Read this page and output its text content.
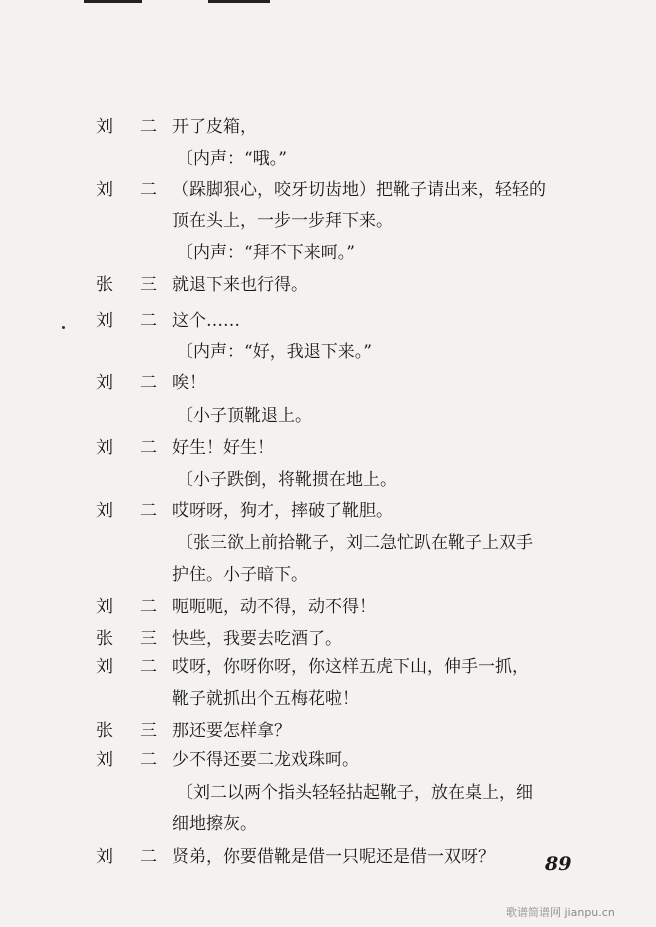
刘 二 开了皮箱，
〔内声：“哦。”
刘 二 （跺脚狠心，咬牙切齿地）把靴子请出来，轻轻的
顶在头上，一步一步拜下来。
〔内声：“拜不下来呵。”
张 三 就退下来也行得。
刘 二 这个……
〔内声：“好，我退下来。”
刘 二 唉！
〔小子顶靴退上。
刘 二 好生！好生！
〔小子跌倒，将靴掼在地上。
刘 二 哎呀呀，狗才，摔破了靴胆。
〔张三欲上前拾靴子，刘二急忙趴在靴子上双手
护住。小子暗下。
刘 二 呃呃呃，动不得，动不得！
张 三 快些，我要去吃酒了。
刘 二 哎呀，你呀你呀，你这样五虎下山，伸手一抓，
靴子就抓出个五梅花啦！
张 三 那还要怎样拿？
刘 二 少不得还要二龙戏珠呵。
〔刘二以两个指头轻轻拈起靴子，放在桌上，细
细地擦灰。
刘 二 贤弟，你要借靴是借一只呢还是借一双呀？	89
歌谱简谱网 jianpu.cn
